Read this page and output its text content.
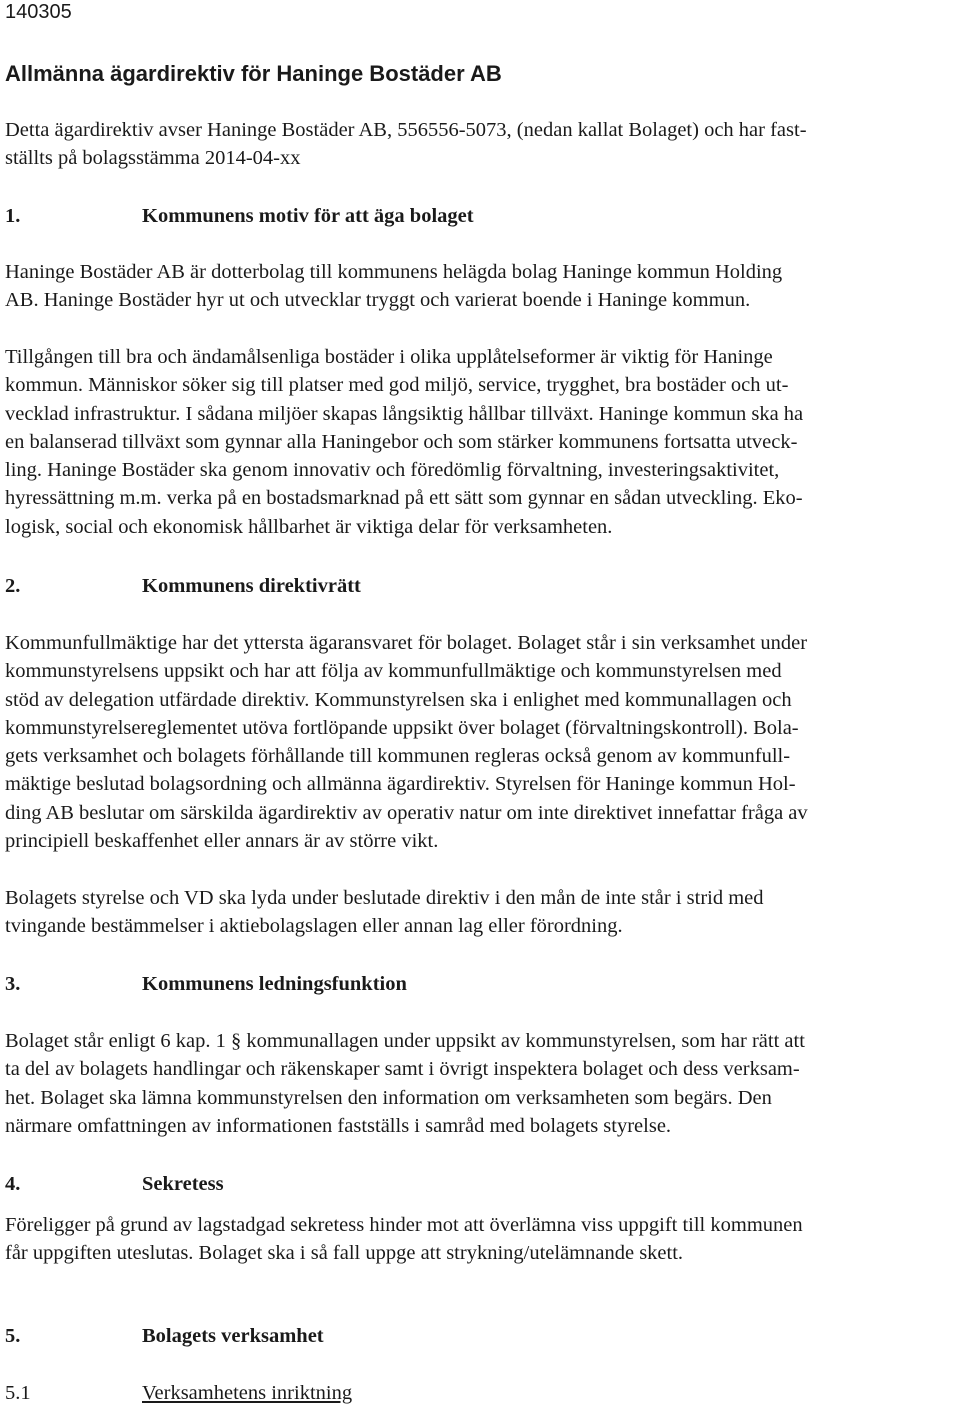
140305
Allmänna ägardirektiv för Haninge Bostäder AB
Detta ägardirektiv avser Haninge Bostäder AB, 556556-5073, (nedan kallat Bolaget) och har fast-
ställts på bolagsstämma 2014-04-xx
1.	Kommunens motiv för att äga bolaget
Haninge Bostäder AB är dotterbolag till kommunens helägda bolag Haninge kommun Holding
AB. Haninge Bostäder hyr ut och utvecklar tryggt och varierat boende i Haninge kommun.
Tillgången till bra och ändamålsenliga bostäder i olika upplåtelseformer är viktig för Haninge
kommun. Människor söker sig till platser med god miljö, service, trygghet, bra bostäder och ut-
vecklad infrastruktur. I sådana miljöer skapas långsiktig hållbar tillväxt. Haninge kommun ska ha
en balanserad tillväxt som gynnar alla Haningebor och som stärker kommunens fortsatta utveck-
ling. Haninge Bostäder ska genom innovativ och föredömlig förvaltning, investeringsaktivitet,
hyressättning m.m. verka på en bostadsmarknad på ett sätt som gynnar en sådan utveckling. Eko-
logisk, social och ekonomisk hållbarhet är viktiga delar för verksamheten.
2.	Kommunens direktivrätt
Kommunfullmäktige har det yttersta ägaransvaret för bolaget. Bolaget står i sin verksamhet under
kommunstyrelsens uppsikt och har att följa av kommunfullmäktige och kommunstyrelsen med
stöd av delegation utfärdade direktiv. Kommunstyrelsen ska i enlighet med kommunallagen och
kommunstyrelsereglementet utöva fortlöpande uppsikt över bolaget (förvaltningskontroll). Bola-
gets verksamhet och bolagets förhållande till kommunen regleras också genom av kommunfull-
mäktige beslutad bolagsordning och allmänna ägardirektiv. Styrelsen för Haninge kommun Hol-
ding AB beslutar om särskilda ägardirektiv av operativ natur om inte direktivet innefattar fråga av
principiell beskaffenhet eller annars är av större vikt.
Bolagets styrelse och VD ska lyda under beslutade direktiv i den mån de inte står i strid med
tvingande bestämmelser i aktiebolagslagen eller annan lag eller förordning.
3.	Kommunens ledningsfunktion
Bolaget står enligt 6 kap. 1 § kommunallagen under uppsikt av kommunstyrelsen, som har rätt att
ta del av bolagets handlingar och räkenskaper samt i övrigt inspektera bolaget och dess verksam-
het. Bolaget ska lämna kommunstyrelsen den information om verksamheten som begärs. Den
närmare omfattningen av informationen fastställs i samråd med bolagets styrelse.
4.	Sekretess
Föreligger på grund av lagstadgad sekretess hinder mot att överlämna viss uppgift till kommunen
får uppgiften uteslutas. Bolaget ska i så fall uppge att strykning/utelämnande skett.
5.	Bolagets verksamhet
5.1	Verksamhetens inriktning
